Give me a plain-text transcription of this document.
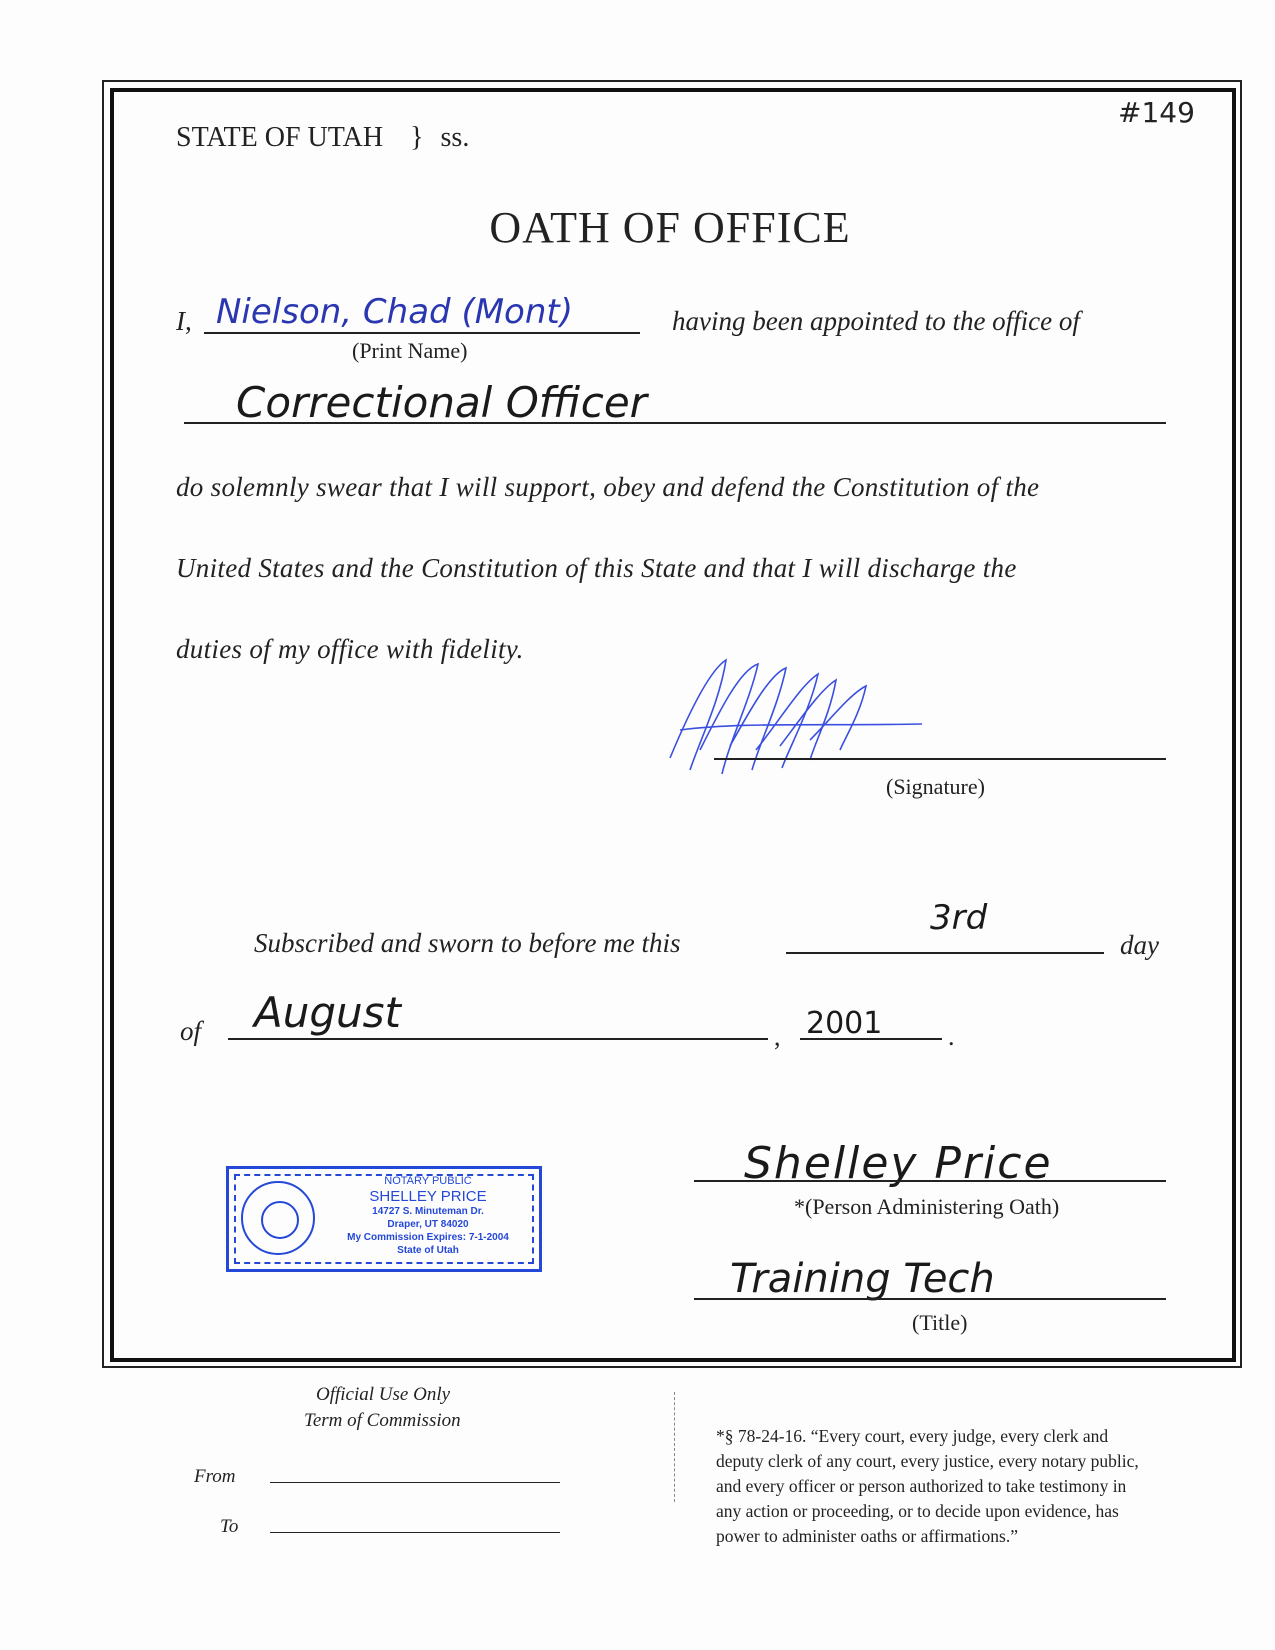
#149
STATE OF UTAH } ss.
OATH OF OFFICE
I, Nielson, Chad (Mont)
(Print Name)
having been appointed to the office of
Correctional Officer
do solemnly swear that I will support, obey and defend the Constitution of the
United States and the Constitution of this State and that I will discharge the
duties of my office with fidelity.
(Signature)
Subscribed and sworn to before me this
3rd
day
of August	, 2001	.
NOTARY PUBLIC
SHELLEY PRICE
14727 S. Minuteman Dr.
Draper, UT 84020
My Commission Expires: 7-1-2004
State of Utah
Shelley Price
*(Person Administering Oath)
Training Tech
(Title)
Official Use Only
Term of Commission
From
To
*§ 78-24-16. “Every court, every judge, every clerk and
deputy clerk of any court, every justice, every notary public,
and every officer or person authorized to take testimony in
any action or proceeding, or to decide upon evidence, has
power to administer oaths or affirmations.”
